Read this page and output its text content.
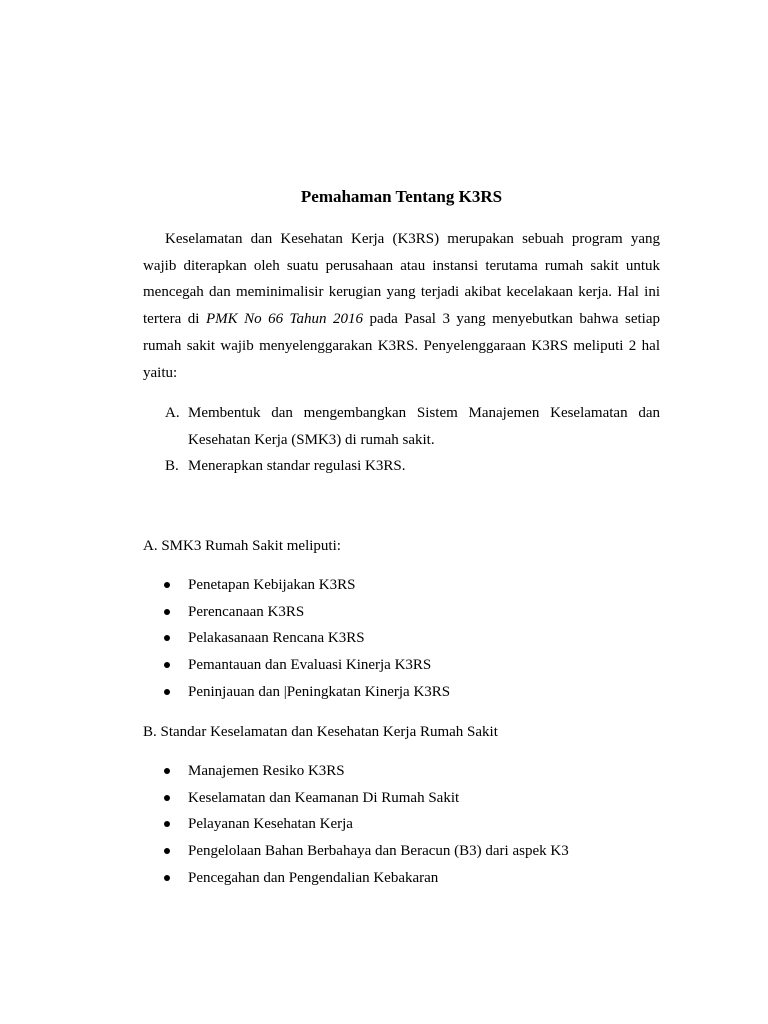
Pemahaman Tentang K3RS

Keselamatan dan Kesehatan Kerja (K3RS) merupakan sebuah program yang wajib diterapkan oleh suatu perusahaan atau instansi terutama rumah sakit untuk mencegah dan meminimalisir kerugian yang terjadi akibat kecelakaan kerja. Hal ini tertera di PMK No 66 Tahun 2016 pada Pasal 3 yang menyebutkan bahwa setiap rumah sakit wajib menyelenggarakan K3RS. Penyelenggaraan K3RS meliputi 2 hal yaitu:

A. Membentuk dan mengembangkan Sistem Manajemen Keselamatan dan Kesehatan Kerja (SMK3) di rumah sakit.
B. Menerapkan standar regulasi K3RS.
A. SMK3 Rumah Sakit meliputi:
Penetapan Kebijakan K3RS
Perencanaan K3RS
Pelakasanaan Rencana K3RS
Pemantauan dan Evaluasi Kinerja K3RS
Peninjauan dan |Peningkatan Kinerja K3RS
B. Standar Keselamatan dan Kesehatan Kerja Rumah Sakit
Manajemen Resiko K3RS
Keselamatan dan Keamanan Di Rumah Sakit
Pelayanan Kesehatan Kerja
Pengelolaan Bahan Berbahaya dan Beracun (B3) dari aspek K3
Pencegahan dan Pengendalian Kebakaran
